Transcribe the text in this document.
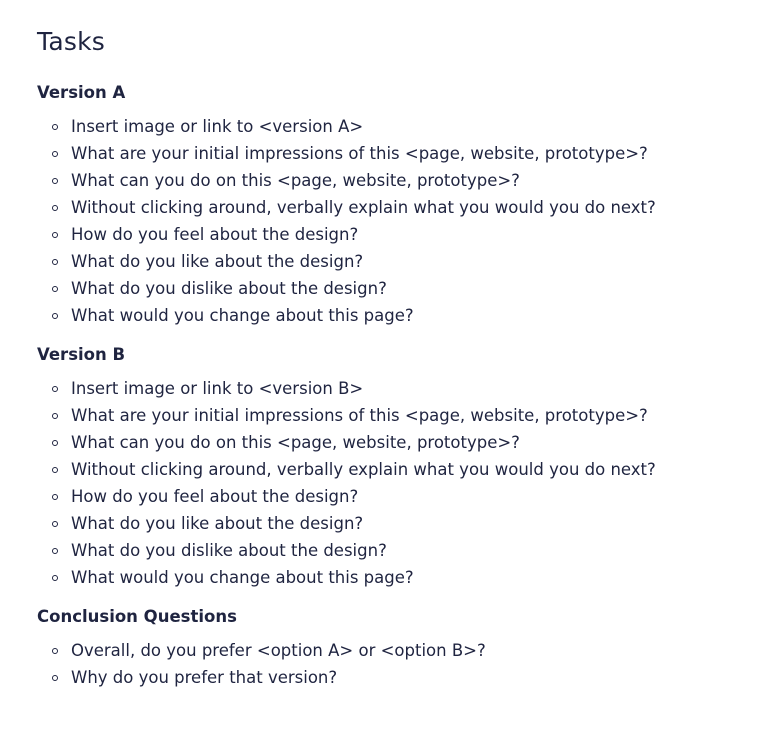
Tasks
Version A
Insert image or link to <version A>
What are your initial impressions of this <page, website, prototype>?
What can you do on this <page, website, prototype>?
Without clicking around, verbally explain what you would you do next?
How do you feel about the design?
What do you like about the design?
What do you dislike about the design?
What would you change about this page?
Version B
Insert image or link to <version B>
What are your initial impressions of this <page, website, prototype>?
What can you do on this <page, website, prototype>?
Without clicking around, verbally explain what you would you do next?
How do you feel about the design?
What do you like about the design?
What do you dislike about the design?
What would you change about this page?
Conclusion Questions
Overall, do you prefer <option A> or <option B>?
Why do you prefer that version?
